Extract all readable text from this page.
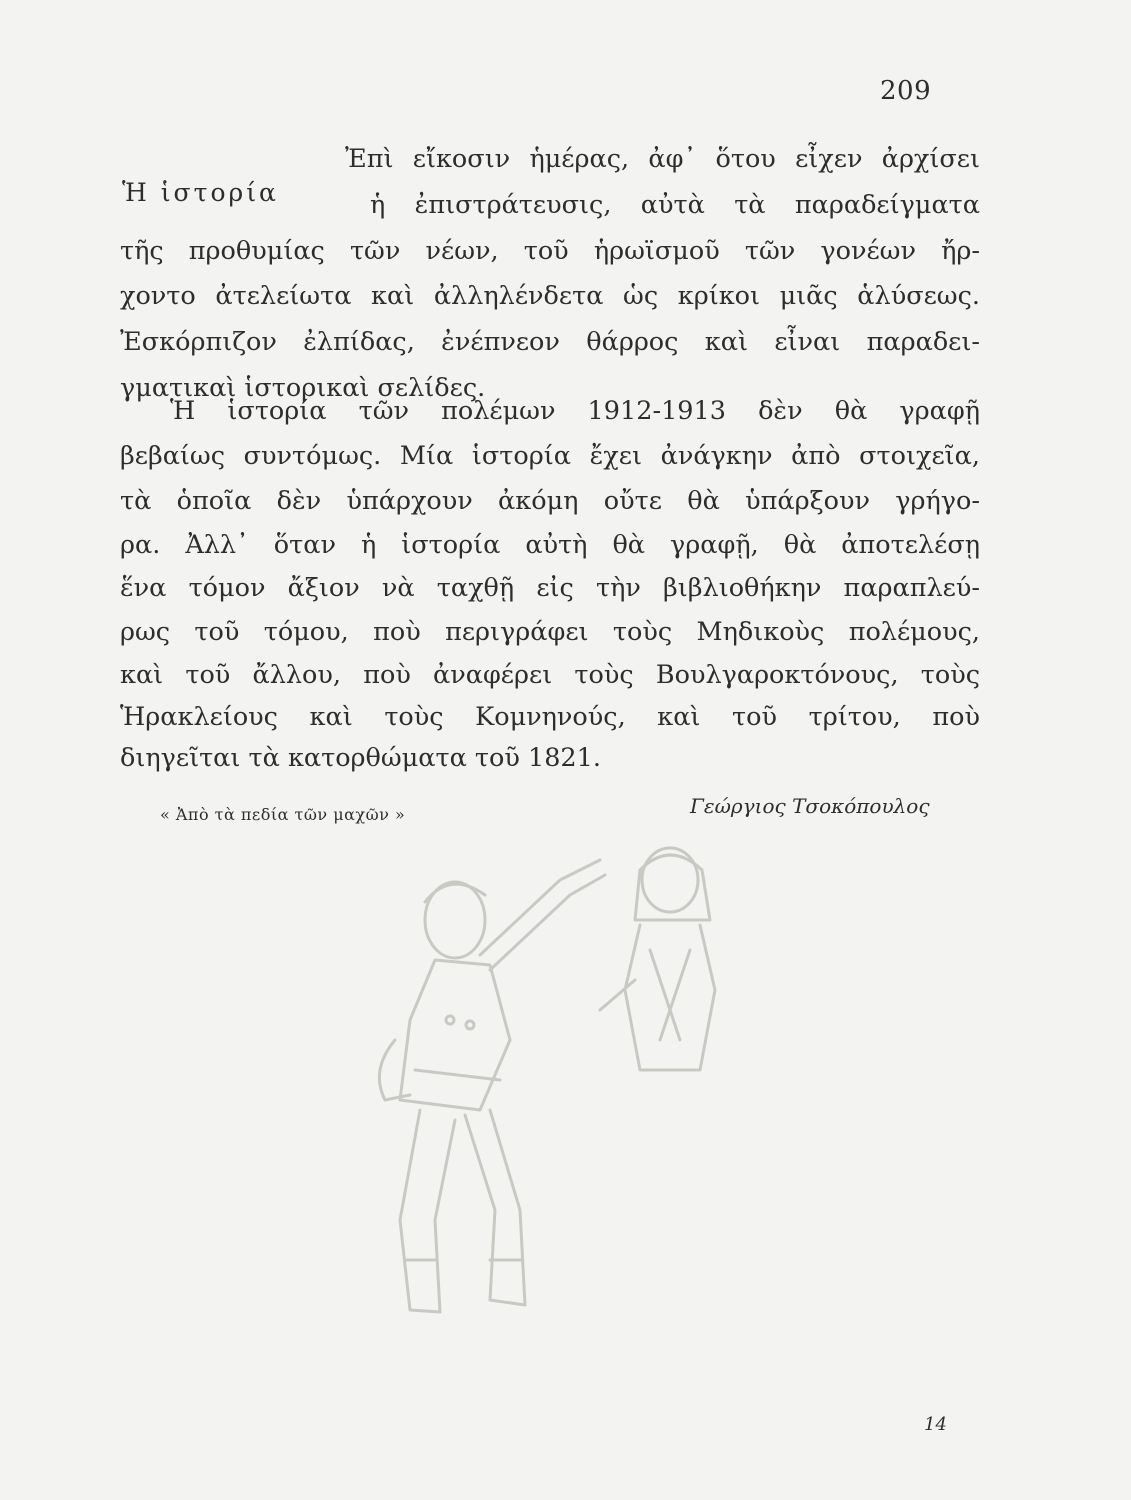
209
Ἡ ἱστορία
Ἐπὶ εἴκοσιν ἡμέρας, ἀφ᾽ ὅτου εἶχεν ἀρχίσει
ἡ ἐπιστράτευσις, αὐτὰ τὰ παραδείγματα
τῆς προθυμίας τῶν νέων, τοῦ ἡρωϊσμοῦ τῶν γονέων ἤρ-
χοντο ἀτελείωτα καὶ ἀλληλένδετα ὡς κρίκοι μιᾶς ἁλύσεως.
Ἐσκόρπιζον ἐλπίδας, ἐνέπνεον θάρρος καὶ εἶναι παραδει-
γματικαὶ ἱστορικαὶ σελίδες.
Ἡ ἱστορία τῶν πολέμων 1912-1913 δὲν θὰ γραφῇ
βεβαίως συντόμως. Μία ἱστορία ἔχει ἀνάγκην ἀπὸ στοιχεῖα,
τὰ ὁποῖα δὲν ὑπάρχουν ἀκόμη οὔτε θὰ ὑπάρξουν γρήγο-
ρα. Ἀλλ᾽ ὅταν ἡ ἱστορία αὐτὴ θὰ γραφῇ, θὰ ἀποτελέσῃ
ἕνα τόμον ἄξιον νὰ ταχθῇ εἰς τὴν βιβλιοθήκην παραπλεύ-
ρως τοῦ τόμου, ποὺ περιγράφει τοὺς Μηδικοὺς πολέμους,
καὶ τοῦ ἄλλου, ποὺ ἀναφέρει τοὺς Βουλγαροκτόνους, τοὺς
Ἡρακλείους καὶ τοὺς Κομνηνούς, καὶ τοῦ τρίτου, ποὺ
διηγεῖται τὰ κατορθώματα τοῦ 1821.
« Ἀπὸ τὰ πεδία τῶν μαχῶν »	Γεώργιος Τσοκόπουλος
14
